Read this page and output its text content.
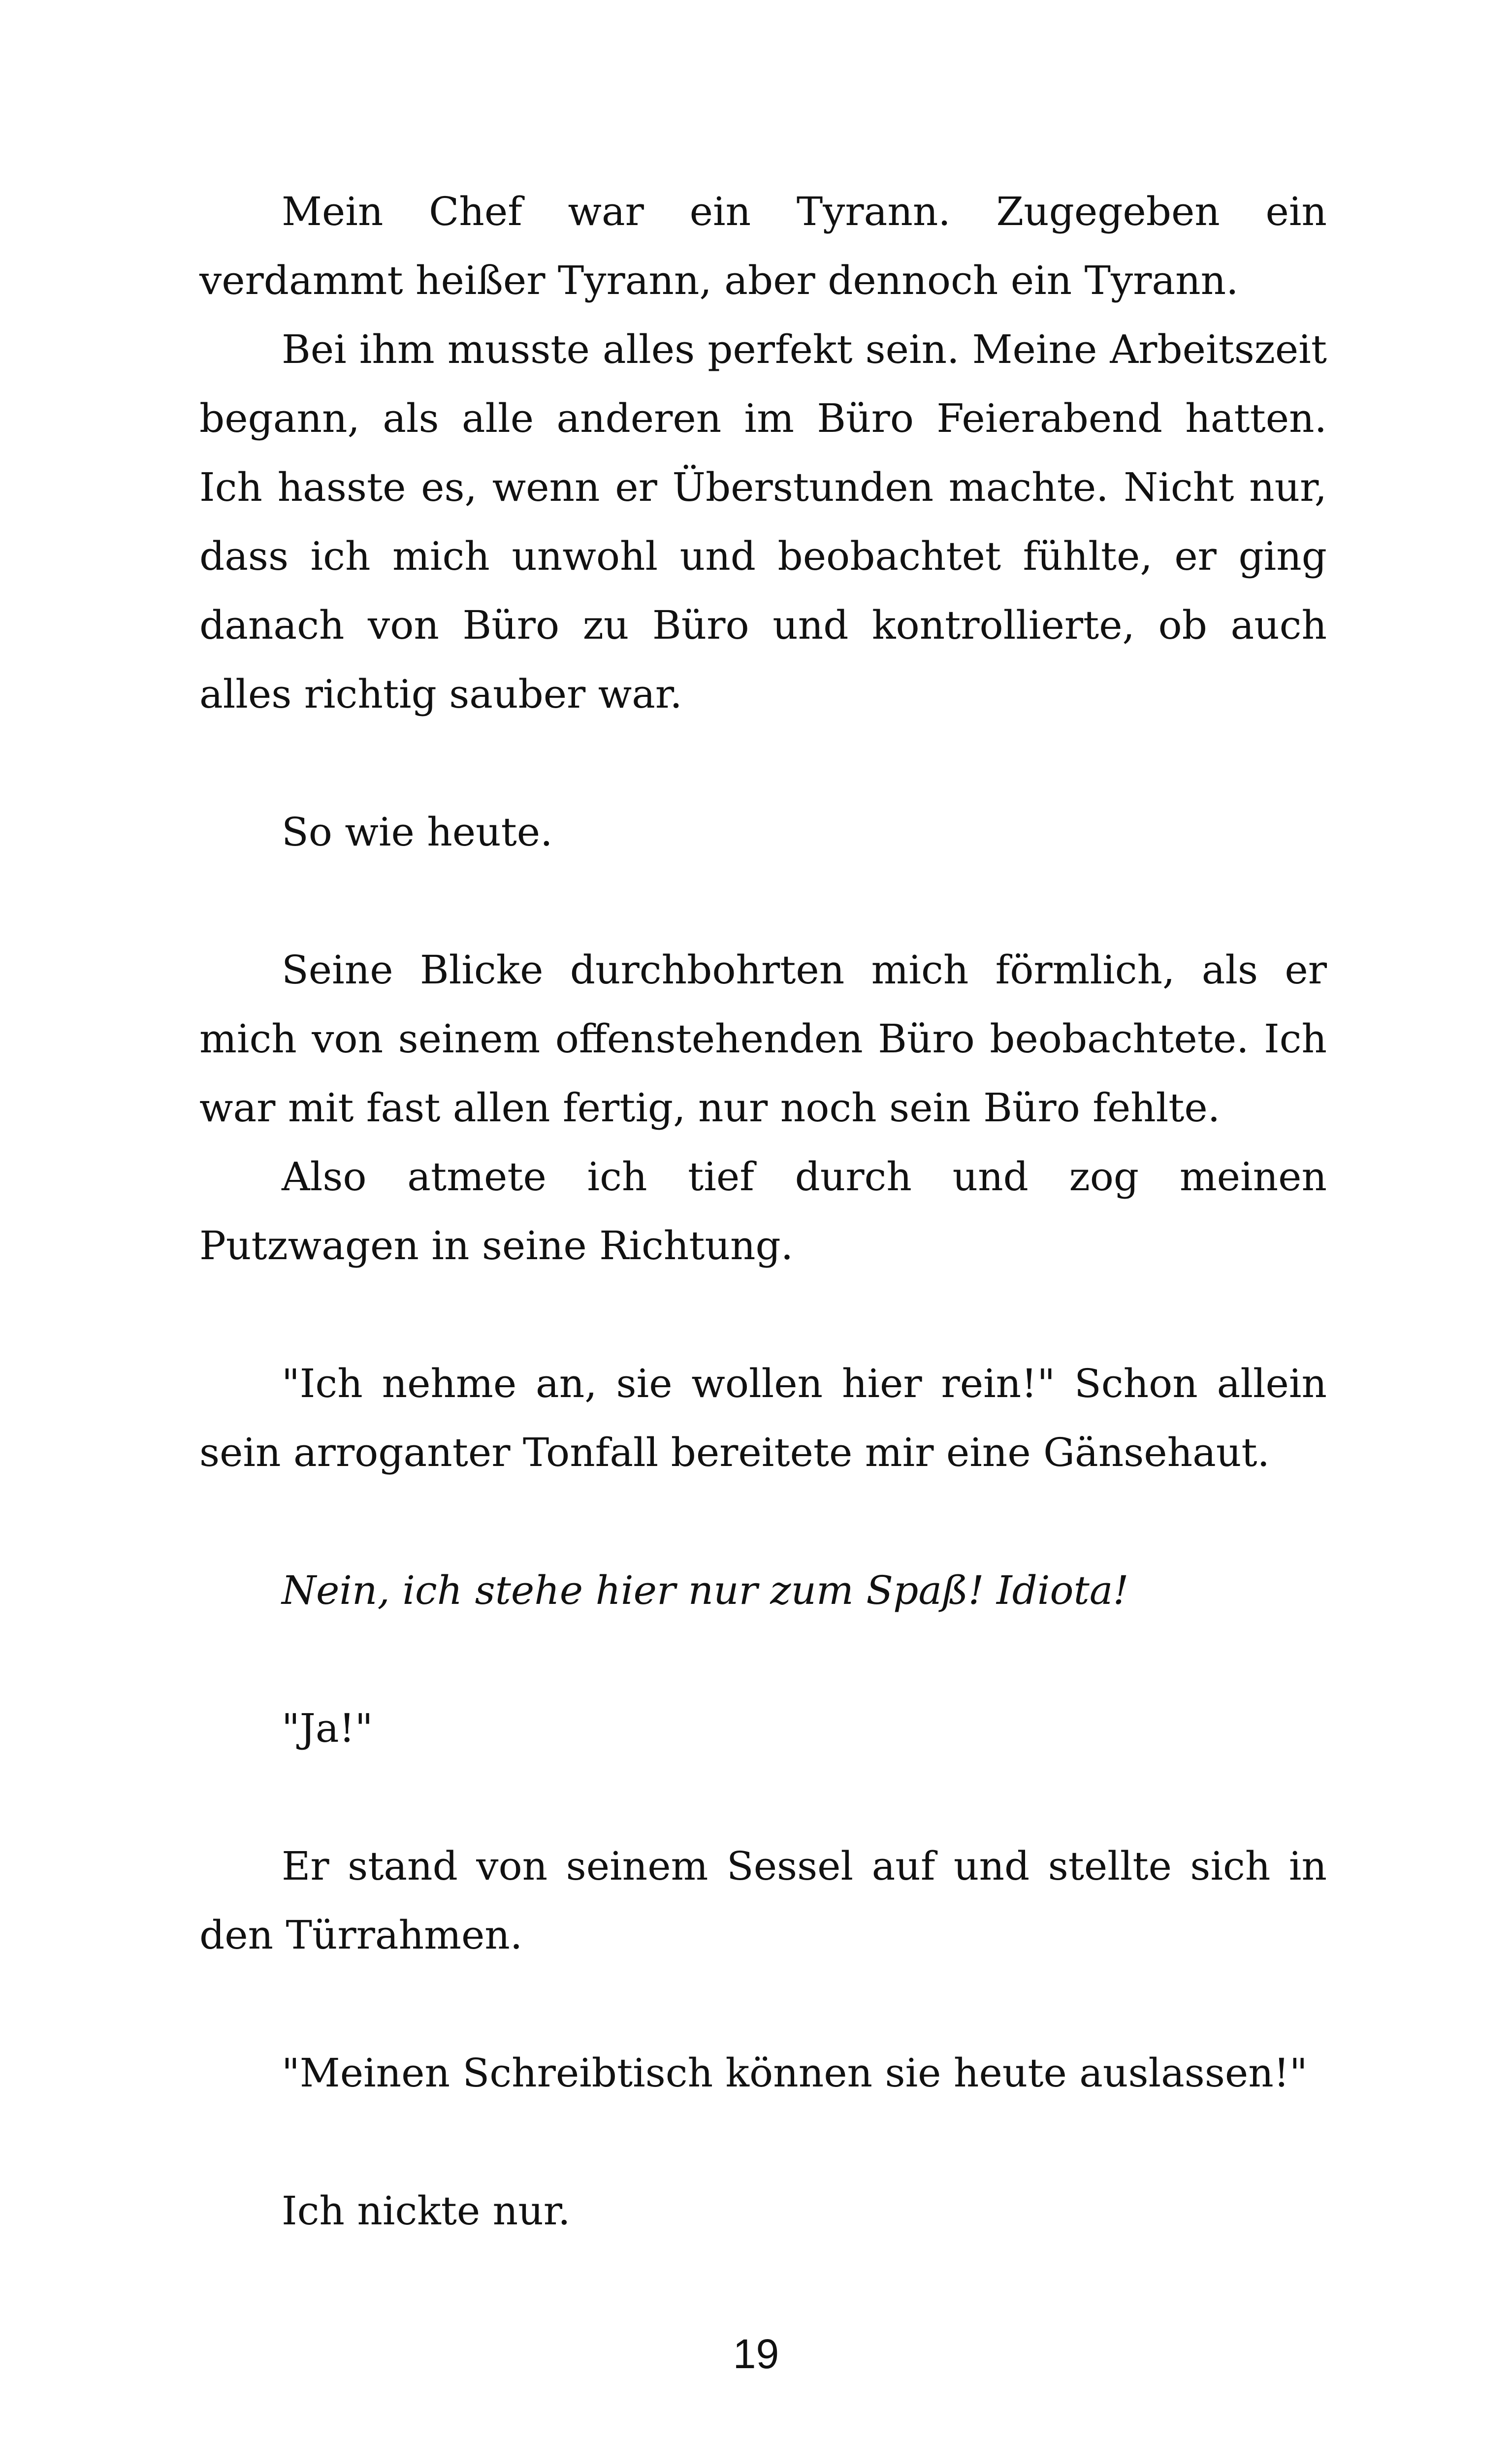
Mein Chef war ein Tyrann. Zugegeben ein verdammt heißer Tyrann, aber dennoch ein Tyrann.

Bei ihm musste alles perfekt sein. Meine Arbeitszeit begann, als alle anderen im Büro Feierabend hatten. Ich hasste es, wenn er Überstunden machte. Nicht nur, dass ich mich unwohl und beobachtet fühlte, er ging danach von Büro zu Büro und kontrollierte, ob auch alles richtig sauber war.

So wie heute.

Seine Blicke durchbohrten mich förmlich, als er mich von seinem offenstehenden Büro beobachtete. Ich war mit fast allen fertig, nur noch sein Büro fehlte.

Also atmete ich tief durch und zog meinen Putzwagen in seine Richtung.

"Ich nehme an, sie wollen hier rein!" Schon allein sein arroganter Tonfall bereitete mir eine Gänsehaut.

Nein, ich stehe hier nur zum Spaß! Idiota!

"Ja!"

Er stand von seinem Sessel auf und stellte sich in den Türrahmen.

"Meinen Schreibtisch können sie heute auslassen!"

Ich nickte nur.

19
